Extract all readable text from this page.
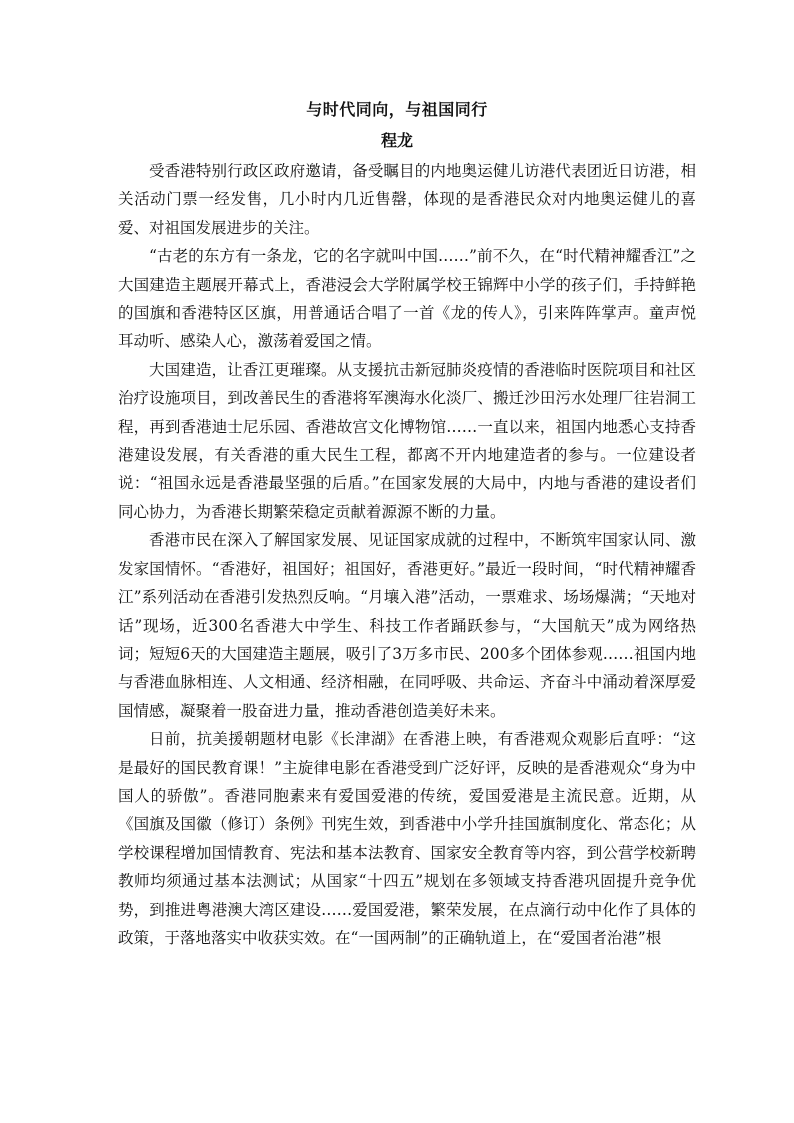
与时代同向，与祖国同行
程龙

受香港特别行政区政府邀请，备受瞩目的内地奥运健儿访港代表团近日访港，相关活动门票一经发售，几小时内几近售罄，体现的是香港民众对内地奥运健儿的喜爱、对祖国发展进步的关注。

“古老的东方有一条龙，它的名字就叫中国……”前不久，在“时代精神耀香江”之大国建造主题展开幕式上，香港浸会大学附属学校王锦辉中小学的孩子们，手持鲜艳的国旗和香港特区区旗，用普通话合唱了一首《龙的传人》，引来阵阵掌声。童声悦耳动听、感染人心，激荡着爱国之情。

大国建造，让香江更璀璨。从支援抗击新冠肺炎疫情的香港临时医院项目和社区治疗设施项目，到改善民生的香港将军澳海水化淡厂、搬迁沙田污水处理厂往岩洞工程，再到香港迪士尼乐园、香港故宫文化博物馆……一直以来，祖国内地悉心支持香港建设发展，有关香港的重大民生工程，都离不开内地建造者的参与。一位建设者说：“祖国永远是香港最坚强的后盾。”在国家发展的大局中，内地与香港的建设者们同心协力，为香港长期繁荣稳定贡献着源源不断的力量。

香港市民在深入了解国家发展、见证国家成就的过程中，不断筑牢国家认同、激发家国情怀。“香港好，祖国好；祖国好，香港更好。”最近一段时间，“时代精神耀香江”系列活动在香港引发热烈反响。“月壤入港”活动，一票难求、场场爆满；“天地对话”现场，近300名香港大中学生、科技工作者踊跃参与，“大国航天”成为网络热词；短短6天的大国建造主题展，吸引了3万多市民、200多个团体参观……祖国内地与香港血脉相连、人文相通、经济相融，在同呼吸、共命运、齐奋斗中涌动着深厚爱国情感，凝聚着一股奋进力量，推动香港创造美好未来。

日前，抗美援朝题材电影《长津湖》在香港上映，有香港观众观影后直呼：“这是最好的国民教育课！”主旋律电影在香港受到广泛好评，反映的是香港观众“身为中国人的骄傲”。香港同胞素来有爱国爱港的传统，爱国爱港是主流民意。近期，从《国旗及国徽（修订）条例》刊宪生效，到香港中小学升挂国旗制度化、常态化；从学校课程增加国情教育、宪法和基本法教育、国家安全教育等内容，到公营学校新聘教师均须通过基本法测试；从国家“十四五”规划在多领域支持香港巩固提升竞争优势，到推进粤港澳大湾区建设……爱国爱港，繁荣发展，在点滴行动中化作了具体的政策，于落地落实中收获实效。在“一国两制”的正确轨道上，在“爱国者治港”根
